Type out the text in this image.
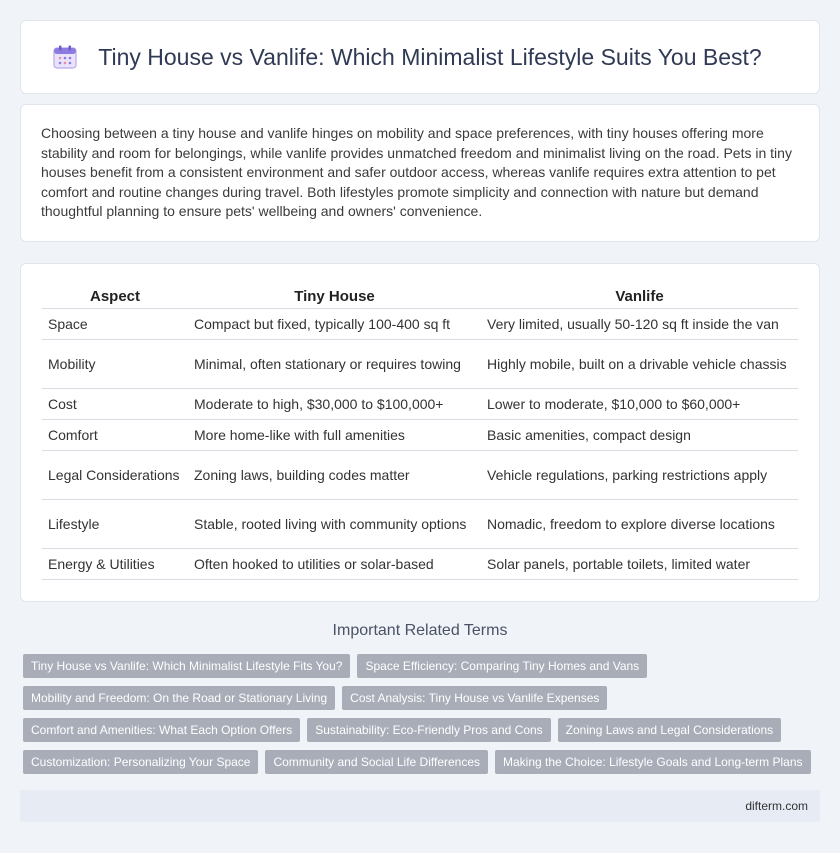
Tiny House vs Vanlife: Which Minimalist Lifestyle Suits You Best?

Choosing between a tiny house and vanlife hinges on mobility and space preferences, with tiny houses offering more stability and room for belongings, while vanlife provides unmatched freedom and minimalist living on the road. Pets in tiny houses benefit from a consistent environment and safer outdoor access, whereas vanlife requires extra attention to pet comfort and routine changes during travel. Both lifestyles promote simplicity and connection with nature but demand thoughtful planning to ensure pets' wellbeing and owners' convenience.

Aspect	Tiny House	Vanlife
Space	Compact but fixed, typically 100-400 sq ft	Very limited, usually 50-120 sq ft inside the van
Mobility	Minimal, often stationary or requires towing	Highly mobile, built on a drivable vehicle chassis
Cost	Moderate to high, $30,000 to $100,000+	Lower to moderate, $10,000 to $60,000+
Comfort	More home-like with full amenities	Basic amenities, compact design
Legal Considerations	Zoning laws, building codes matter	Vehicle regulations, parking restrictions apply
Lifestyle	Stable, rooted living with community options	Nomadic, freedom to explore diverse locations
Energy & Utilities	Often hooked to utilities or solar-based	Solar panels, portable toilets, limited water
Important Related Terms
Tiny House vs Vanlife: Which Minimalist Lifestyle Fits You?	Space Efficiency: Comparing Tiny Homes and Vans
Mobility and Freedom: On the Road or Stationary Living	Cost Analysis: Tiny House vs Vanlife Expenses
Comfort and Amenities: What Each Option Offers	Sustainability: Eco-Friendly Pros and Cons	Zoning Laws and Legal Considerations
Customization: Personalizing Your Space	Community and Social Life Differences	Making the Choice: Lifestyle Goals and Long-term Plans
difterm.com
